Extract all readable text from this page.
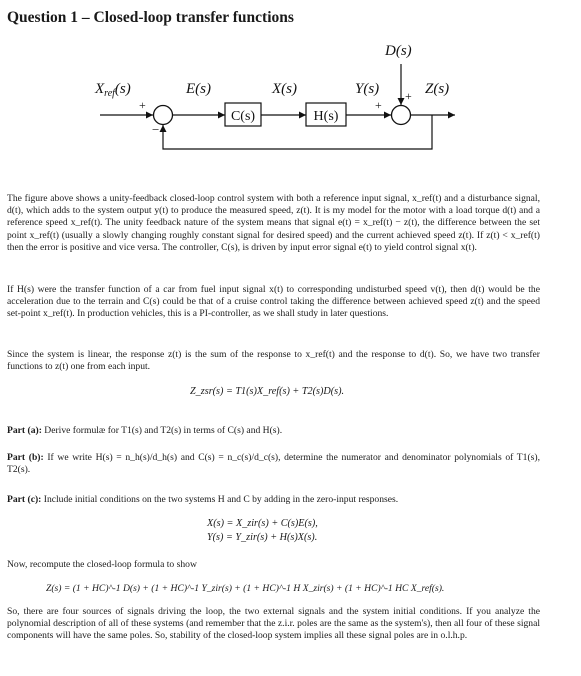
Question 1 – Closed-loop transfer functions
D(s)
$X_{ref}(s)$	E(s)	X(s)	Y(s)	Z(s)
+
−
+
+
C(s)	H(s)

The figure above shows a unity-feedback closed-loop control system with both a reference input signal, x_ref(t) and a disturbance signal, d(t), which adds to the system output y(t) to produce the measured speed, z(t). It is my model for the motor with a load torque d(t) and a reference speed x_ref(t). The unity feedback nature of the system means that signal e(t) = x_ref(t) − z(t), the difference between the set point x_ref(t) (usually a slowly changing roughly constant signal for desired speed) and the current achieved speed z(t). If z(t) < x_ref(t) then the error is positive and vice versa. The controller, C(s), is driven by input error signal e(t) to yield control signal x(t).

If H(s) were the transfer function of a car from fuel input signal x(t) to corresponding undisturbed speed v(t), then d(t) would be the acceleration due to the terrain and C(s) could be that of a cruise control taking the difference between achieved speed z(t) and the speed set-point x_ref(t). In production vehicles, this is a PI-controller, as we shall study in later questions.

Since the system is linear, the response z(t) is the sum of the response to x_ref(t) and the response to d(t). So, we have two transfer functions to z(t) one from each input.

Z_zsr(s) = T1(s)X_ref(s) + T2(s)D(s).

Part (a): Derive formulæ for T1(s) and T2(s) in terms of C(s) and H(s).

Part (b): If we write H(s) = n_h(s)/d_h(s) and C(s) = n_c(s)/d_c(s), determine the numerator and denominator polynomials of T1(s), T2(s).

Part (c): Include initial conditions on the two systems H and C by adding in the zero-input responses.

X(s) = X_zir(s) + C(s)E(s),
Y(s) = Y_zir(s) + H(s)X(s).

Now, recompute the closed-loop formula to show

Z(s) = (1 + HC)^-1 D(s) + (1 + HC)^-1 Y_zir(s) + (1 + HC)^-1 H X_zir(s) + (1 + HC)^-1 HC X_ref(s).

So, there are four sources of signals driving the loop, the two external signals and the system initial conditions. If you analyze the polynomial description of all of these systems (and remember that the z.i.r. poles are the same as the system's), then all four of these signal components will have the same poles. So, stability of the closed-loop system implies all these signal poles are in o.l.h.p.
